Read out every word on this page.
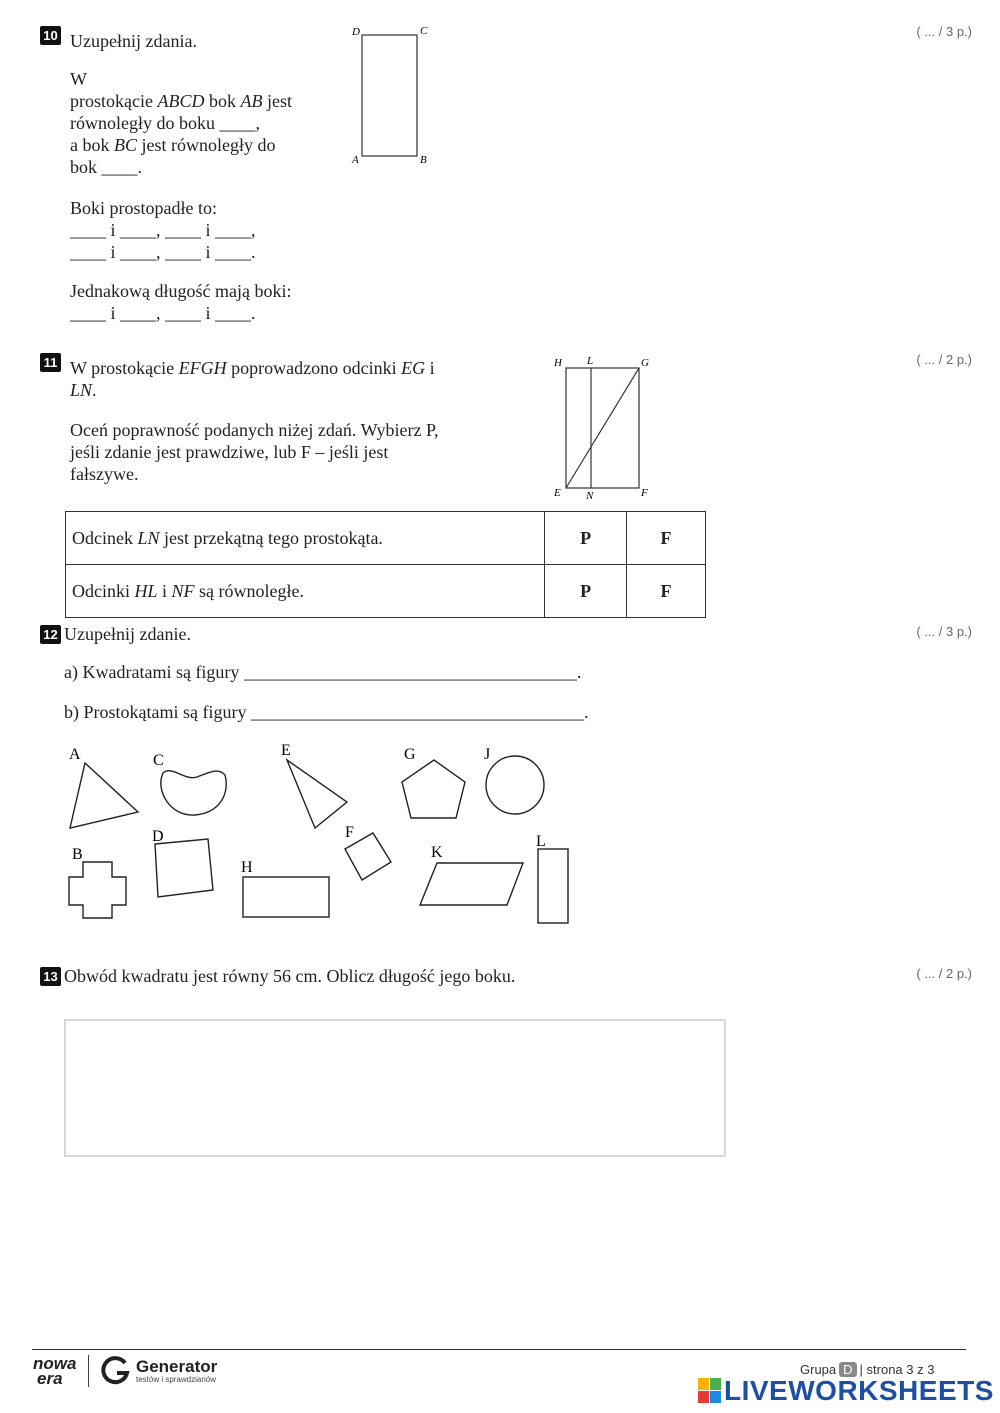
10	( ... / 3 p.)
Uzupełnij zdania.
W
prostokącie ABCD bok AB jest
równoległy do boku ____,
a bok BC jest równoległy do
bok ____.
Boki prostopadłe to:
____ i ____, ____ i ____,
____ i ____, ____ i ____.
Jednakową długość mają boki:
____ i ____, ____ i ____.
D	C
A	B
11	( ... / 2 p.)
W prostokącie EFGH poprowadzono odcinki EG i
LN.
Oceń poprawność podanych niżej zdań. Wybierz P,
jeśli zdanie jest prawdziwe, lub F – jeśli jest
fałszywe.
H L	G
E N	F
Odcinek LN jest przekątną tego prostokąta.	P	F
Odcinki HL i NF są równoległe.	P	F
12	( ... / 3 p.)
Uzupełnij zdanie.
a) Kwadratami są figury _____________________________________.
b) Prostokątami są figury _____________________________________.
A	C
E	G	J
D	F
B
H
K
L
13	( ... / 2 p.)
Obwód kwadratu jest równy 56 cm. Oblicz długość jego boku.
nowa
era
Generator
testów i sprawdzianów
Grupa D | strona 3 z 3
LIVEWORKSHEETS
